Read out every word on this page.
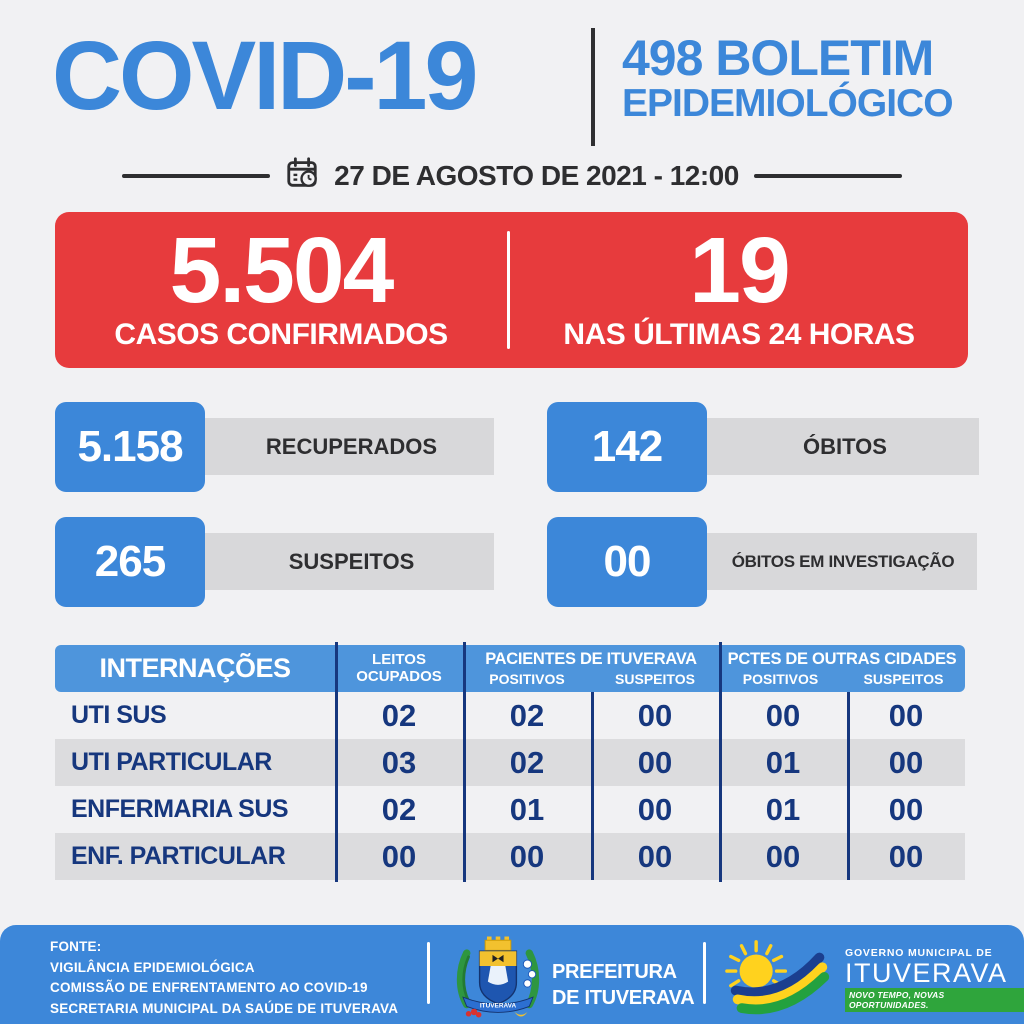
COVID-19	498 BOLETIM
EPIDEMIOLÓGICO
27 DE AGOSTO DE 2021 - 12:00
5.504
CASOS CONFIRMADOS
19
NAS ÚLTIMAS 24 HORAS
RECUPERADOS
5.158	ÓBITOS
142
SUSPEITOS
265	ÓBITOS EM INVESTIGAÇÃO
00
INTERNAÇÕES	LEITOS
OCUPADOS
PACIENTES DE ITUVERAVA
POSITIVOS	SUSPEITOS
PCTES DE OUTRAS CIDADES
POSITIVOS	SUSPEITOS
UTI SUS	02	02	00	00	00
UTI PARTICULAR	03	02	00	01	00
ENFERMARIA SUS	02	01	00	01	00
ENF. PARTICULAR	00	00	00	00	00
FONTE:
VIGILÂNCIA EPIDEMIOLÓGICA
COMISSÃO DE ENFRENTAMENTO AO COVID-19
SECRETARIA MUNICIPAL DA SAÚDE DE ITUVERAVA	ITUVERAVA
PREFEITURA
DE ITUVERAVA
GOVERNO MUNICIPAL DE
ITUVERAVA
NOVO TEMPO, NOVAS OPORTUNIDADES.
